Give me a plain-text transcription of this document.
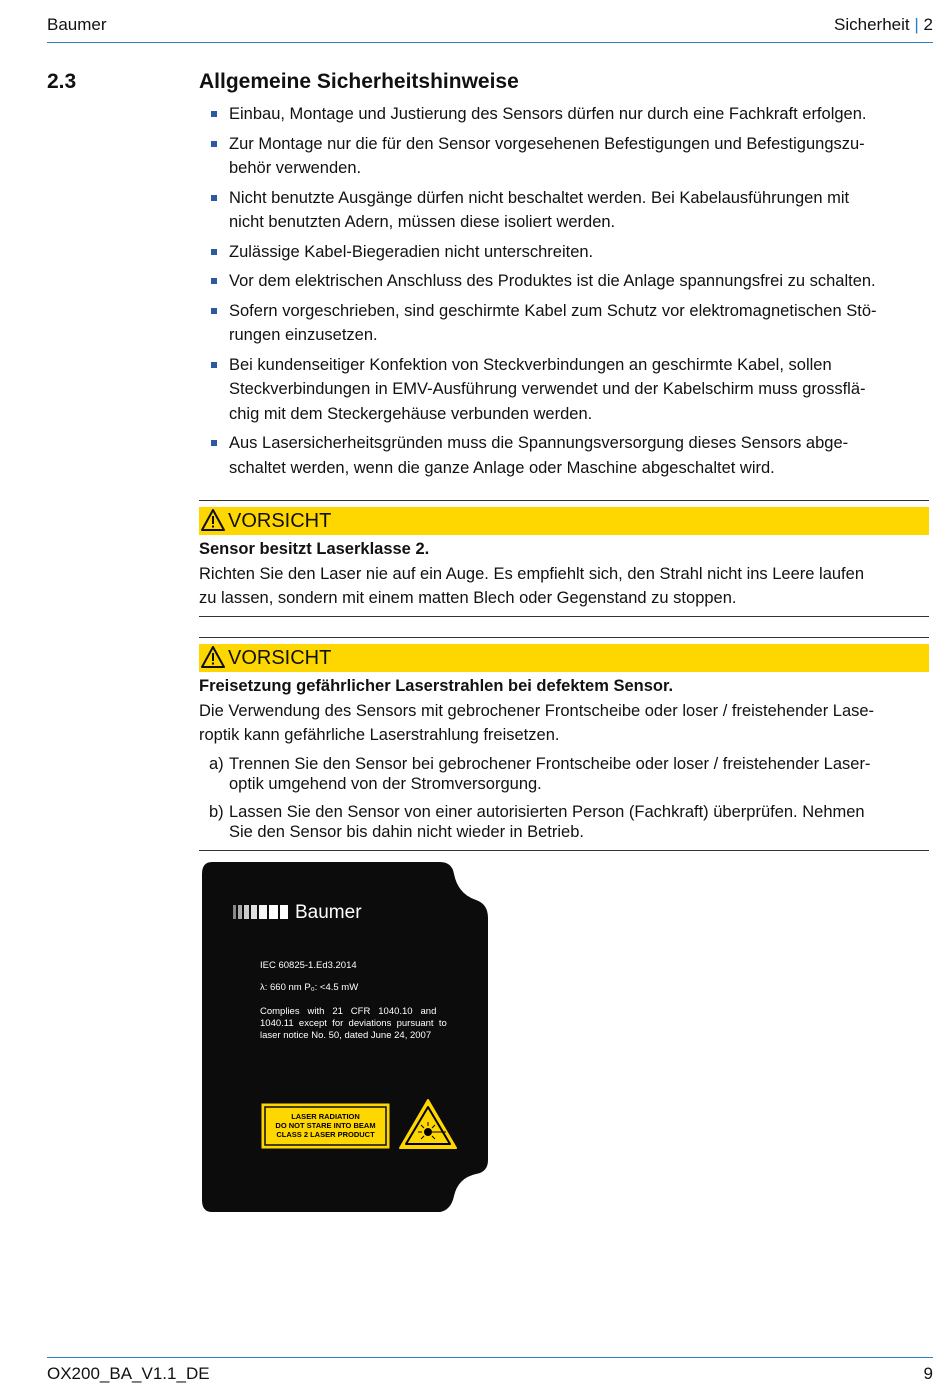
Baumer	Sicherheit | 2
2.3	Allgemeine Sicherheitshinweise
Einbau, Montage und Justierung des Sensors dürfen nur durch eine Fachkraft erfolgen.
Zur Montage nur die für den Sensor vorgesehenen Befestigungen und Befestigungszu-
behör verwenden.
Nicht benutzte Ausgänge dürfen nicht beschaltet werden. Bei Kabelausführungen mit
nicht benutzten Adern, müssen diese isoliert werden.
Zulässige Kabel-Biegeradien nicht unterschreiten.
Vor dem elektrischen Anschluss des Produktes ist die Anlage spannungsfrei zu schalten.
Sofern vorgeschrieben, sind geschirmte Kabel zum Schutz vor elektromagnetischen Stö-
rungen einzusetzen.
Bei kundenseitiger Konfektion von Steckverbindungen an geschirmte Kabel, sollen
Steckverbindungen in EMV-Ausführung verwendet und der Kabelschirm muss grossflä-
chig mit dem Steckergehäuse verbunden werden.
Aus Lasersicherheitsgründen muss die Spannungsversorgung dieses Sensors abge-
schaltet werden, wenn die ganze Anlage oder Maschine abgeschaltet wird.
VORSICHT
Sensor besitzt Laserklasse 2.
Richten Sie den Laser nie auf ein Auge. Es empfiehlt sich, den Strahl nicht ins Leere laufen
zu lassen, sondern mit einem matten Blech oder Gegenstand zu stoppen.
VORSICHT
Freisetzung gefährlicher Laserstrahlen bei defektem Sensor.
Die Verwendung des Sensors mit gebrochener Frontscheibe oder loser / freistehender Lase-
roptik kann gefährliche Laserstrahlung freisetzen.
a) Trennen Sie den Sensor bei gebrochener Frontscheibe oder loser / freistehender Laser-
optik umgehend von der Stromversorgung.
b) Lassen Sie den Sensor von einer autorisierten Person (Fachkraft) überprüfen. Nehmen
Sie den Sensor bis dahin nicht wieder in Betrieb.
Baumer
IEC 60825-1.Ed3.2014
λ: 660 nm P₀: <4.5 mW
Complies   with   21   CFR   1040.10   and
1040.11  except  for  deviations  pursuant  to
laser notice No. 50, dated June 24, 2007
LASER RADIATION
DO NOT STARE INTO BEAM
CLASS 2 LASER PRODUCT
OX200_BA_V1.1_DE	9
